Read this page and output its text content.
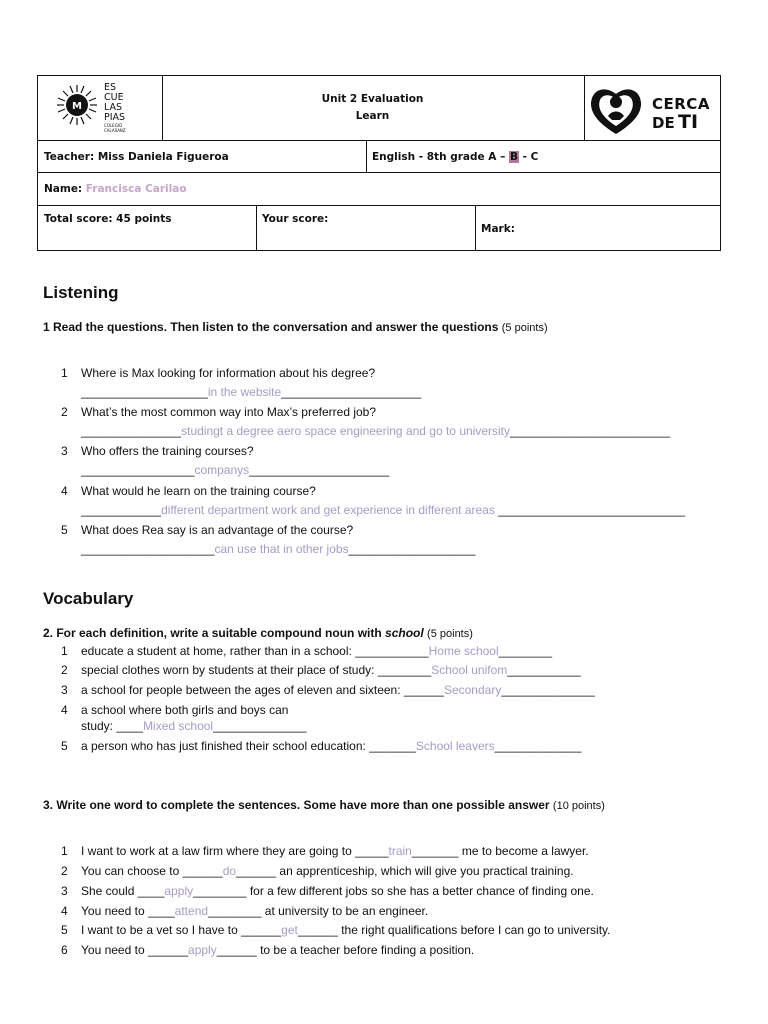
M
ES
CUE
LAS
PIAS
COLEGIO
CALASANZ
Unit 2 Evaluation
Learn
CERCA
DE TI
Teacher: Miss Daniela Figueroa	English - 8th grade A – B - C
Name: Francisca Carilao
Total score: 45 points	Your score:
Mark:
Listening
1 Read the questions. Then listen to the conversation and answer the questions (5 points)
1 Where is Max looking for information about his degree?
___________________in the website_____________________
2 What’s the most common way into Max’s preferred job?
_______________studingt a degree aero space engineering and go to university________________________
3 Who offers the training courses?
_________________companys_____________________
4 What would he learn on the training course?
____________different department work and get experience in different areas ____________________________
5 What does Rea say is an advantage of the course?
____________________can use that in other jobs___________________
Vocabulary
2. For each definition, write a suitable compound noun with school (5 points)
1 educate a student at home, rather than in a school: ___________Home school________
2 special clothes worn by students at their place of study: ________School unifom___________
3 a school for people between the ages of eleven and sixteen: ______Secondary______________
4 a school where both girls and boys can
study: ____Mixed school______________
5 a person who has just finished their school education: _______School leavers_____________
3. Write one word to complete the sentences. Some have more than one possible answer (10 points)
1 I want to work at a law firm where they are going to _____train_______ me to become a lawyer.
2 You can choose to ______do______ an apprenticeship, which will give you practical training.
3 She could ____apply________ for a few different jobs so she has a better chance of finding one.
4 You need to ____attend________ at university to be an engineer.
5 I want to be a vet so I have to ______get______ the right qualifications before I can go to university.
6 You need to ______apply______ to be a teacher before finding a position.
